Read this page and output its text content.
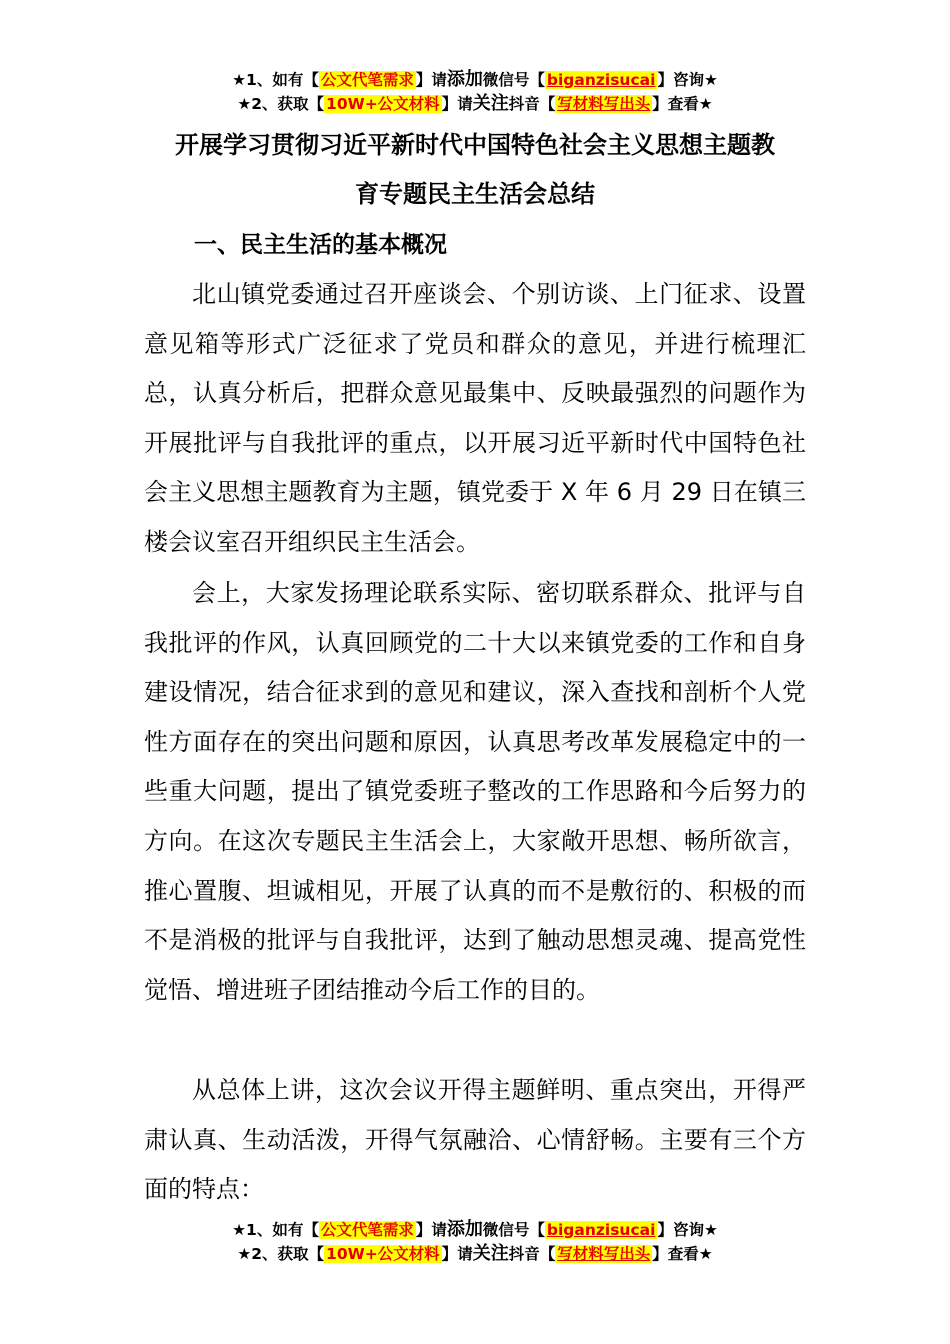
★1、如有【 公文代笔需求 】请添加微信号【 biganzisucai 】咨询★
★2、获取【 10W+公文材料 】请关注抖音【 写材料写出头 】查看★
开展学习贯彻习近平新时代中国特色社会主义思想主题教
育专题民主生活会总结
一、民主生活的基本概况
北山镇党委通过召开座谈会、个别访谈、上门征求、设置意见箱等形式广泛征求了党员和群众的意见，并进行梳理汇总，认真分析后，把群众意见最集中、反映最强烈的问题作为开展批评与自我批评的重点，以开展习近平新时代中国特色社会主义思想主题教育为主题，镇党委于 X 年 6 月 29 日在镇三楼会议室召开组织民主生活会。
会上，大家发扬理论联系实际、密切联系群众、批评与自我批评的作风，认真回顾党的二十大以来镇党委的工作和自身建设情况，结合征求到的意见和建议，深入查找和剖析个人党性方面存在的突出问题和原因，认真思考改革发展稳定中的一些重大问题，提出了镇党委班子整改的工作思路和今后努力的方向。在这次专题民主生活会上，大家敞开思想、畅所欲言，推心置腹、坦诚相见，开展了认真的而不是敷衍的、积极的而不是消极的批评与自我批评，达到了触动思想灵魂、提高党性觉悟、增进班子团结推动今后工作的目的。
从总体上讲，这次会议开得主题鲜明、重点突出，开得严肃认真、生动活泼，开得气氛融洽、心情舒畅。主要有三个方面的特点：
★1、如有【 公文代笔需求 】请添加微信号【 biganzisucai 】咨询★
★2、获取【 10W+公文材料 】请关注抖音【 写材料写出头 】查看★
